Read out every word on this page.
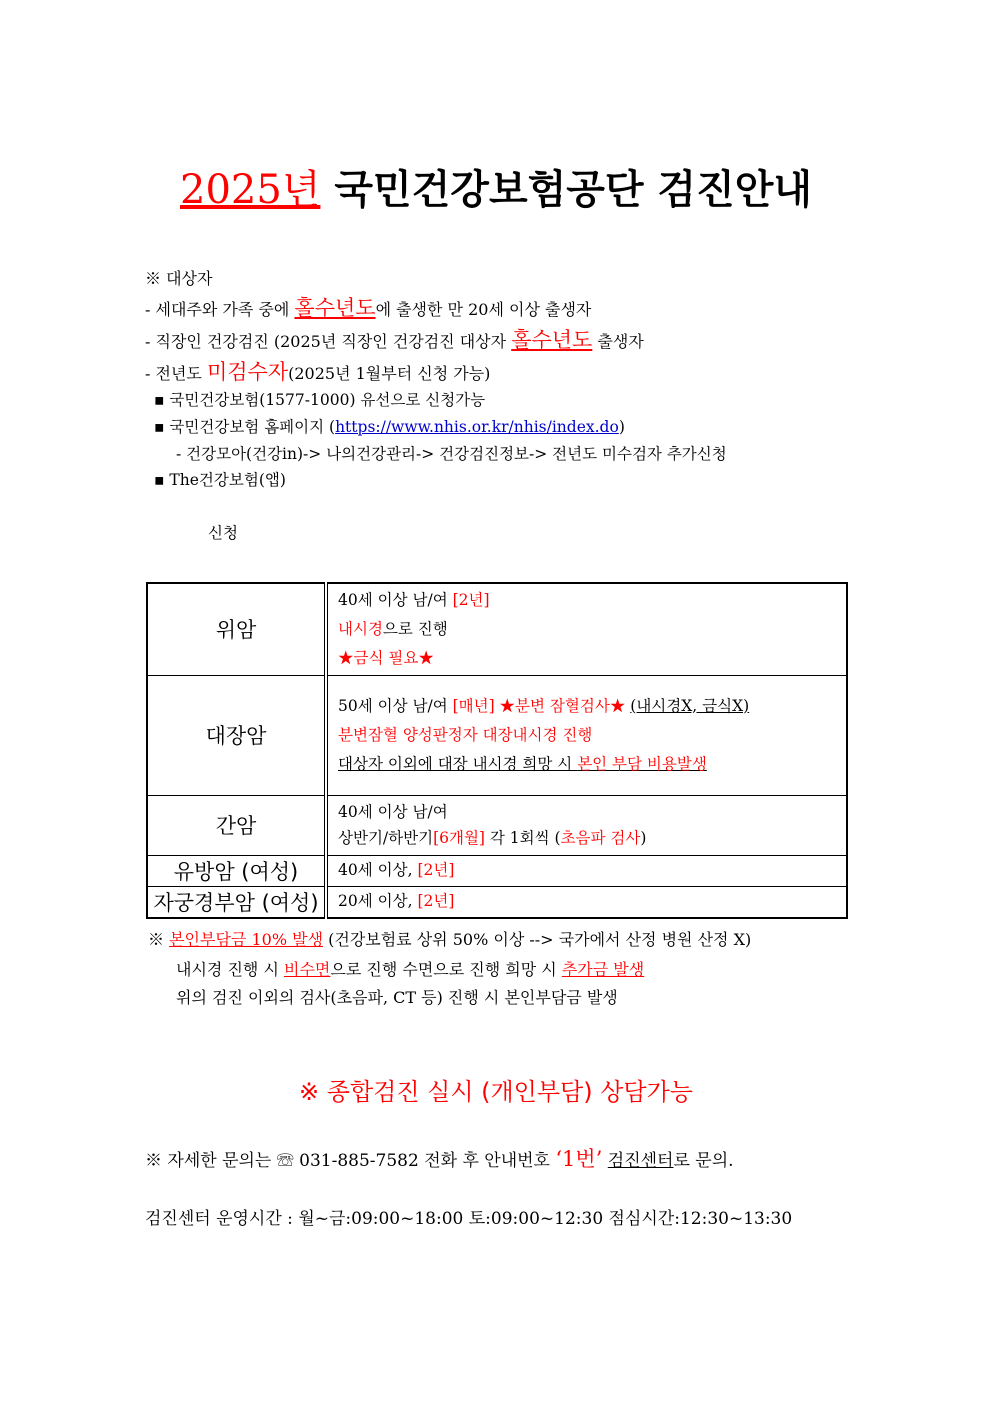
2025년 국민건강보험공단 검진안내
※ 대상자
- 세대주와 가족 중에 홀수년도에 출생한 만 20세 이상 출생자
- 직장인 건강검진 (2025년 직장인 건강검진 대상자 홀수년도 출생자
- 전년도 미검수자(2025년 1월부터 신청 가능)
▪ 국민건강보험(1577-1000) 유선으로 신청가능
▪ 국민건강보험 홈페이지 (https://www.nhis.or.kr/nhis/index.do)
- 건강모아(건강in)-> 나의건강관리-> 건강검진정보-> 전년도 미수검자 추가신청
▪ The건강보험(앱)
신청
위암	40세 이상 남/여 [2년]
내시경으로 진행
★금식 필요★

대장암	50세 이상 남/여 [매년] ★분변 잠혈검사★ (내시경X, 금식X)
분변잠혈 양성판정자 대장내시경 진행
대상자 이외에 대장 내시경 희망 시 본인 부담 비용발생

간암	40세 이상 남/여
상반기/하반기[6개월] 각 1회씩 (초음파 검사)

유방암 (여성)	40세 이상, [2년]
자궁경부암 (여성)	20세 이상, [2년]
※ 본인부담금 10% 발생 (건강보험료 상위 50% 이상 --> 국가에서 산정 병원 산정 X)
내시경 진행 시 비수면으로 진행 수면으로 진행 희망 시 추가금 발생
위의 검진 이외의 검사(초음파, CT 등) 진행 시 본인부담금 발생
※ 종합검진 실시 (개인부담) 상담가능
※ 자세한 문의는 ☏ 031-885-7582 전화 후 안내번호 ‘1번’ 검진센터로 문의.
검진센터 운영시간 : 월~금:09:00~18:00 토:09:00~12:30 점심시간:12:30~13:30
